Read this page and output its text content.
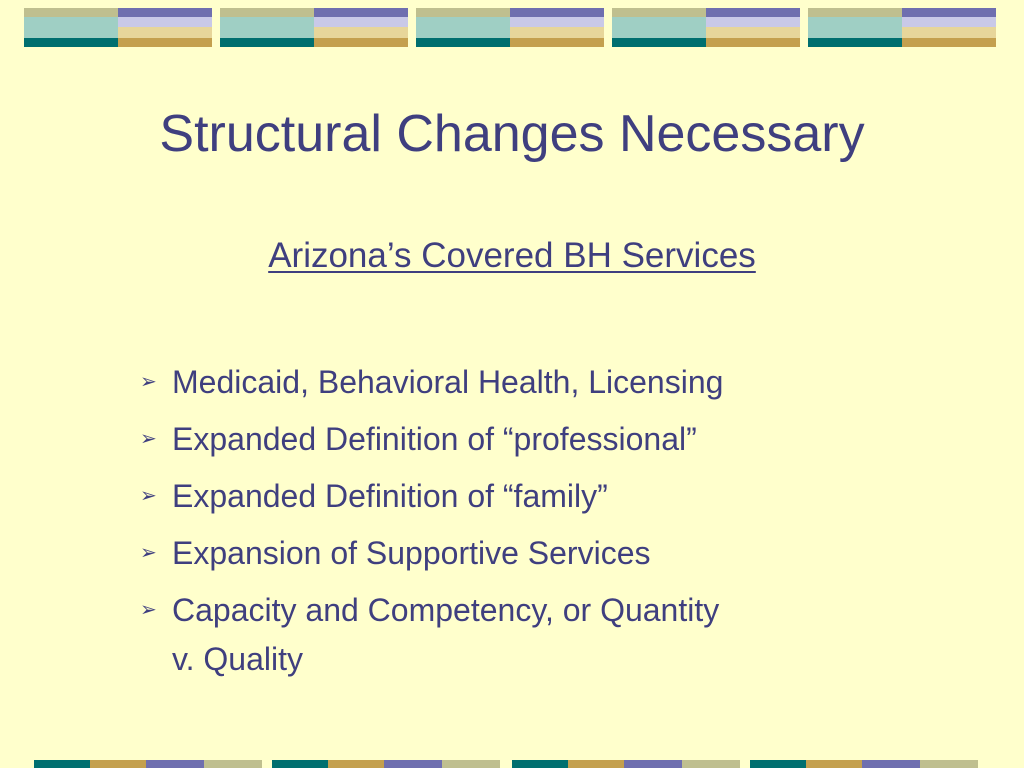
Structural Changes Necessary
Arizona’s Covered BH Services
➢ Medicaid, Behavioral Health, Licensing
➢ Expanded Definition of “professional”
➢ Expanded Definition of “family”
➢ Expansion of Supportive Services
➢ Capacity and Competency, or Quantity v. Quality
